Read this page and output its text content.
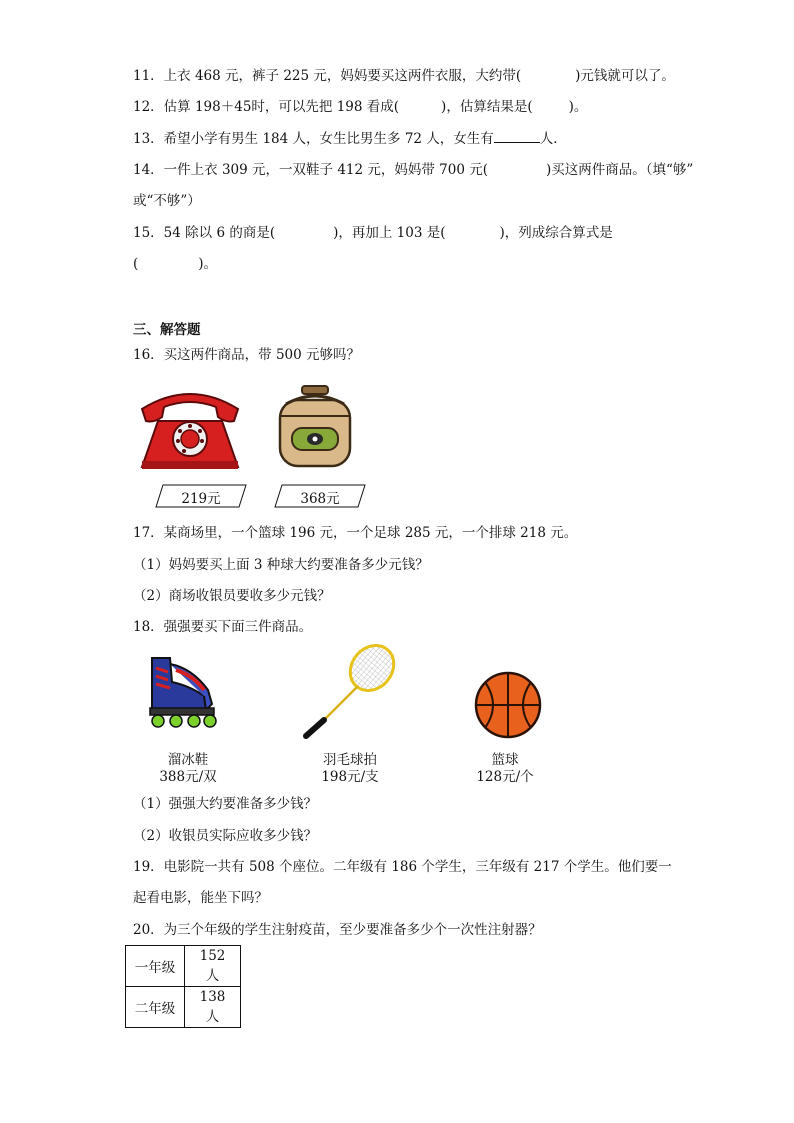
11．上衣 468 元，裤子 225 元，妈妈要买这两件衣服，大约带(	)元钱就可以了。
12．估算 198＋45时，可以先把 198 看成(	)，估算结果是(	)。
13．希望小学有男生 184 人，女生比男生多 72 人，女生有	人．
14．一件上衣 309 元，一双鞋子 412 元，妈妈带 700 元(	)买这两件商品。（填“够”
或“不够”）
15．54 除以 6 的商是(	)，再加上 103 是(	)，列成综合算式是
(	)。
三、解答题
16．买这两件商品，带 500 元够吗？
219元	368元
17．某商场里，一个篮球 196 元，一个足球 285 元，一个排球 218 元。
（1）妈妈要买上面 3 种球大约要准备多少元钱？
（2）商场收银员要收多少元钱？
18．强强要买下面三件商品。
溜冰鞋
388元/双
羽毛球拍
198元/支
篮球
128元/个
（1）强强大约要准备多少钱？
（2）收银员实际应收多少钱？
19．电影院一共有 508 个座位。二年级有 186 个学生，三年级有 217 个学生。他们要一
起看电影，能坐下吗？
20．为三个年级的学生注射疫苗，至少要准备多少个一次性注射器？
一年级	152 人
二年级	138 人
